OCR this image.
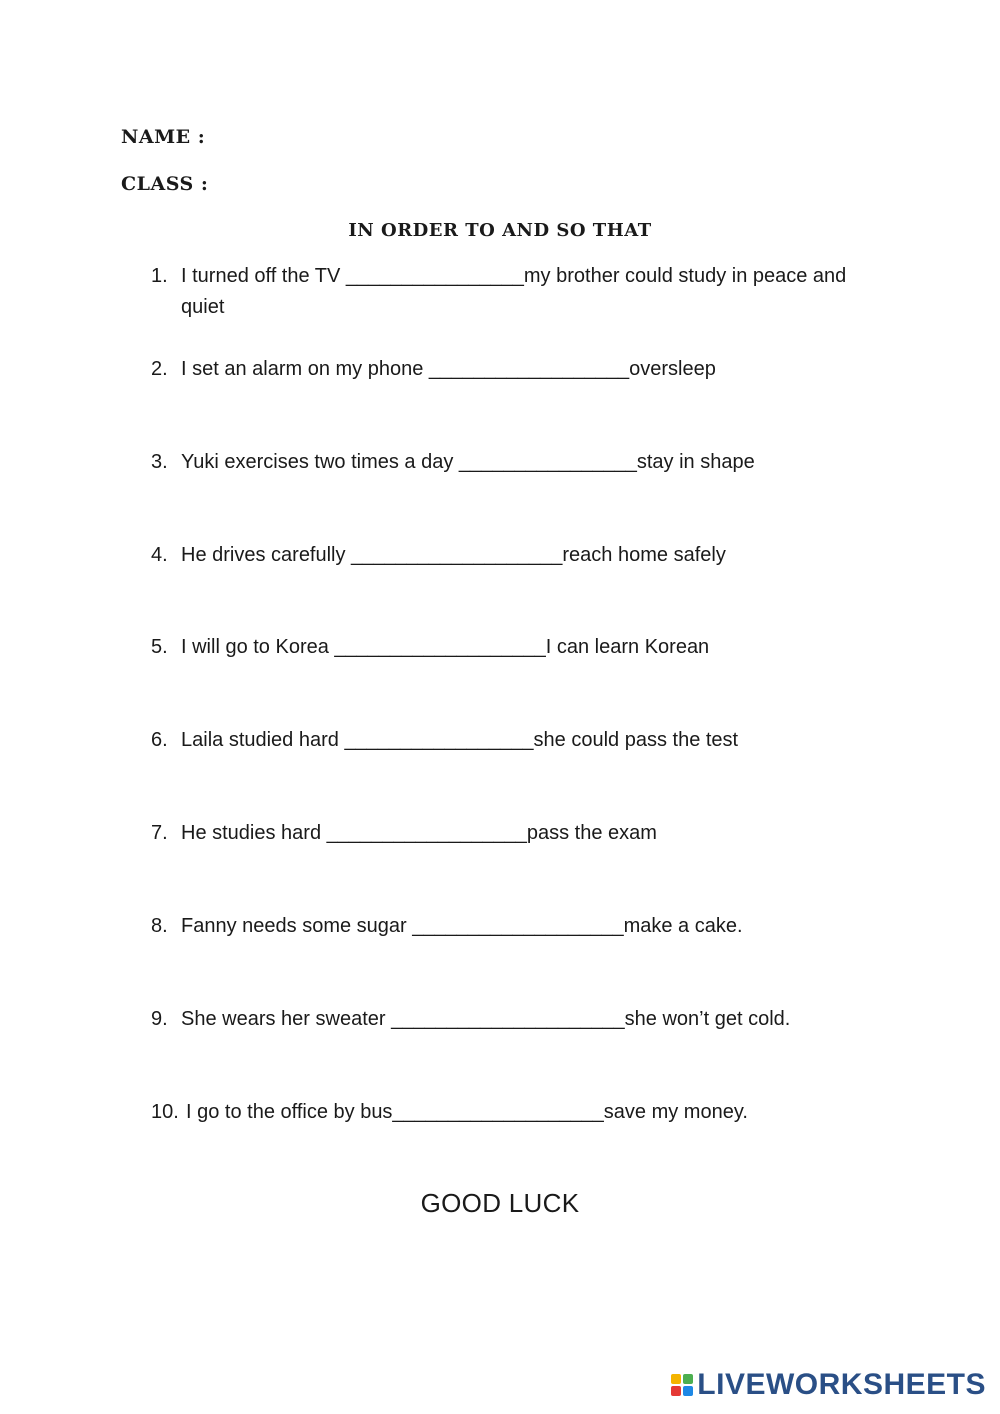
NAME :
CLASS :
IN ORDER TO AND SO THAT
1. I turned off the TV ________________my brother could study in peace and quiet
2. I set an alarm on my phone __________________oversleep
3. Yuki exercises two times a day ________________stay in shape
4. He drives carefully ___________________reach home safely
5. I will go to Korea ___________________I can learn Korean
6. Laila studied hard _________________she could pass the test
7. He studies hard __________________pass the exam
8. Fanny needs some sugar ___________________make a cake.
9. She wears her sweater _____________________she won’t get cold.
10. I go to the office by bus___________________save my money.
GOOD LUCK
LIVEWORKSHEETS
